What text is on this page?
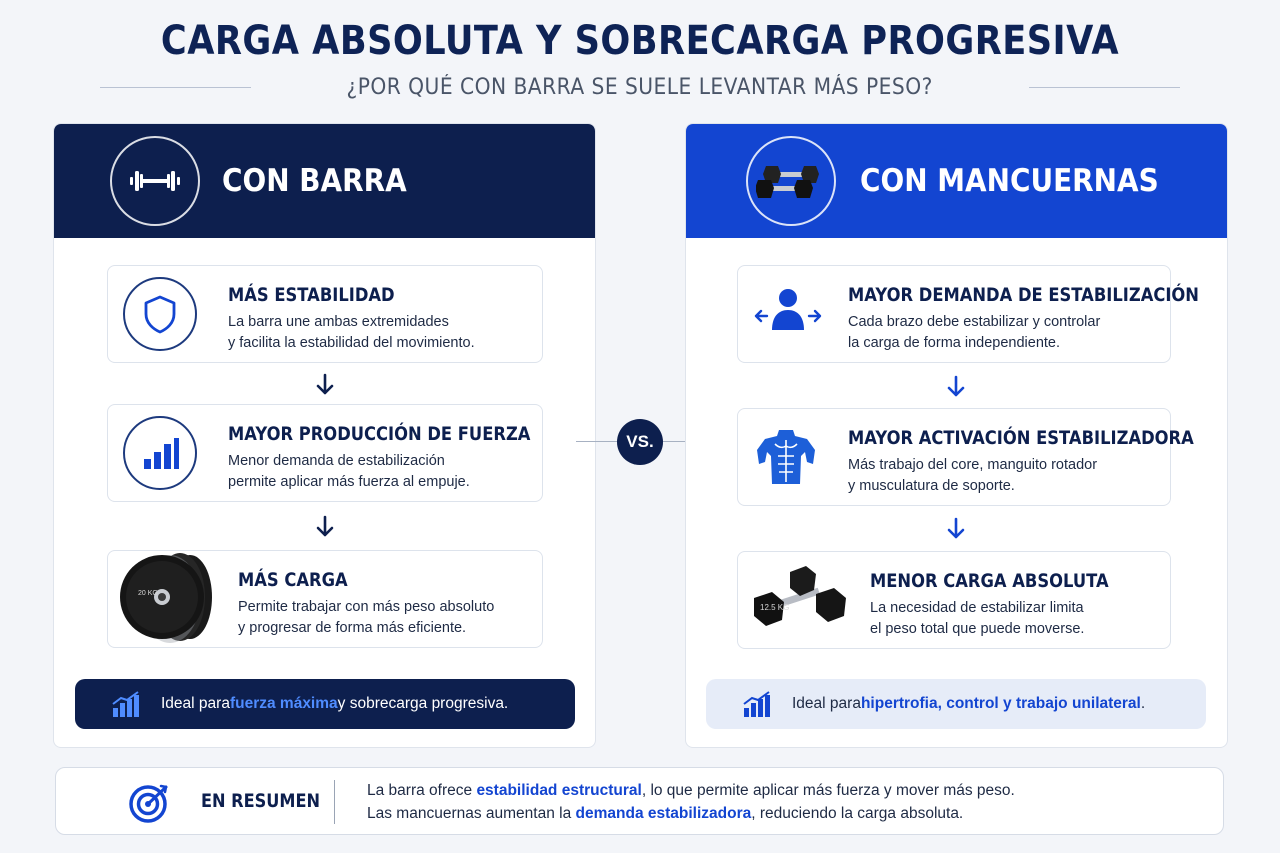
CARGA ABSOLUTA Y SOBRECARGA PROGRESIVA
¿POR QUÉ CON BARRA SE SUELE LEVANTAR MÁS PESO?
CON BARRA
MÁS ESTABILIDAD
La barra une ambas extremidades
y facilita la estabilidad del movimiento.
MAYOR PRODUCCIÓN DE FUERZA
Menor demanda de estabilización
permite aplicar más fuerza al empuje.
20 KG
MÁS CARGA
Permite trabajar con más peso absoluto
y progresar de forma más eficiente.
Ideal para fuerza máxima y sobrecarga progresiva.
VS.
CON MANCUERNAS
MAYOR DEMANDA DE ESTABILIZACIÓN
Cada brazo debe estabilizar y controlar
la carga de forma independiente.
MAYOR ACTIVACIÓN ESTABILIZADORA
Más trabajo del core, manguito rotador
y musculatura de soporte.
12.5 KG
MENOR CARGA ABSOLUTA
La necesidad de estabilizar limita
el peso total que puede moverse.
Ideal para hipertrofia, control y trabajo unilateral .
EN RESUMEN	La barra ofrece estabilidad estructural, lo que permite aplicar más fuerza y mover más peso.
Las mancuernas aumentan la demanda estabilizadora, reduciendo la carga absoluta.
